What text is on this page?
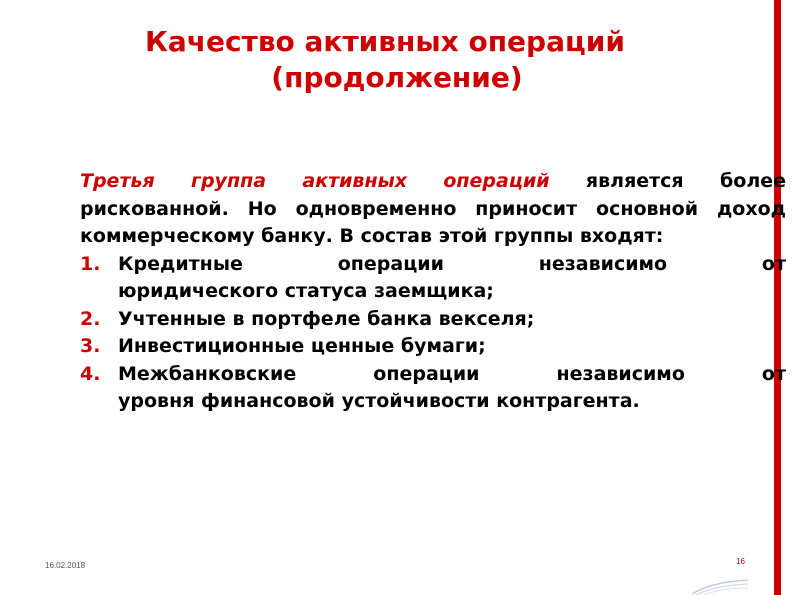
Качество активных операций
(продолжение)
Третья группа активных операций является более рискованной. Но одновременно приносит основной доход коммерческому банку. В состав этой группы входят:
1. Кредитные операции независимо от
юридического статуса заемщика;
2. Учтенные в портфеле банка векселя;
3. Инвестиционные ценные бумаги;
4. Межбанковские операции независимо от
уровня финансовой устойчивости контрагента.
16.02.2018	16
